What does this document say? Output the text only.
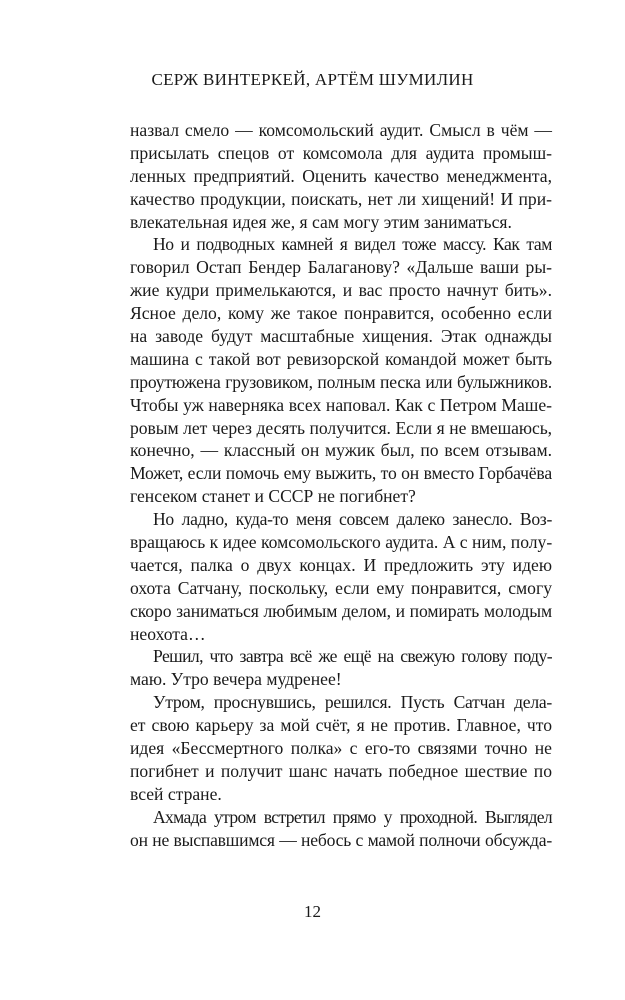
СЕРЖ ВИНТЕРКЕЙ, АРТЁМ ШУМИЛИН
назвал смело — комсомольский аудит. Смысл в чём —
присылать спецов от комсомола для аудита промыш-
ленных предприятий. Оценить качество менеджмента,
качество продукции, поискать, нет ли хищений! И при-
влекательная идея же, я сам могу этим заниматься.
Но и подводных камней я видел тоже массу. Как там
говорил Остап Бендер Балаганову? «Дальше ваши ры-
жие кудри примелькаются, и вас просто начнут бить».
Ясное дело, кому же такое понравится, особенно если
на заводе будут масштабные хищения. Этак однажды
машина с такой вот ревизорской командой может быть
проутюжена грузовиком, полным песка или булыжников.
Чтобы уж наверняка всех наповал. Как с Петром Маше-
ровым лет через десять получится. Если я не вмешаюсь,
конечно, — классный он мужик был, по всем отзывам.
Может, если помочь ему выжить, то он вместо Горбачёва
генсеком станет и СССР не погибнет?
Но ладно, куда-то меня совсем далеко занесло. Воз-
вращаюсь к идее комсомольского аудита. А с ним, полу-
чается, палка о двух концах. И предложить эту идею
охота Сатчану, поскольку, если ему понравится, смогу
скоро заниматься любимым делом, и помирать молодым
неохота…
Решил, что завтра всё же ещё на свежую голову поду-
маю. Утро вечера мудренее!
Утром, проснувшись, решился. Пусть Сатчан дела-
ет свою карьеру за мой счёт, я не против. Главное, что
идея «Бессмертного полка» с его-то связями точно не
погибнет и получит шанс начать победное шествие по
всей стране.
Ахмада утром встретил прямо у проходной. Выглядел
он не выспавшимся — небось с мамой полночи обсужда-
12
